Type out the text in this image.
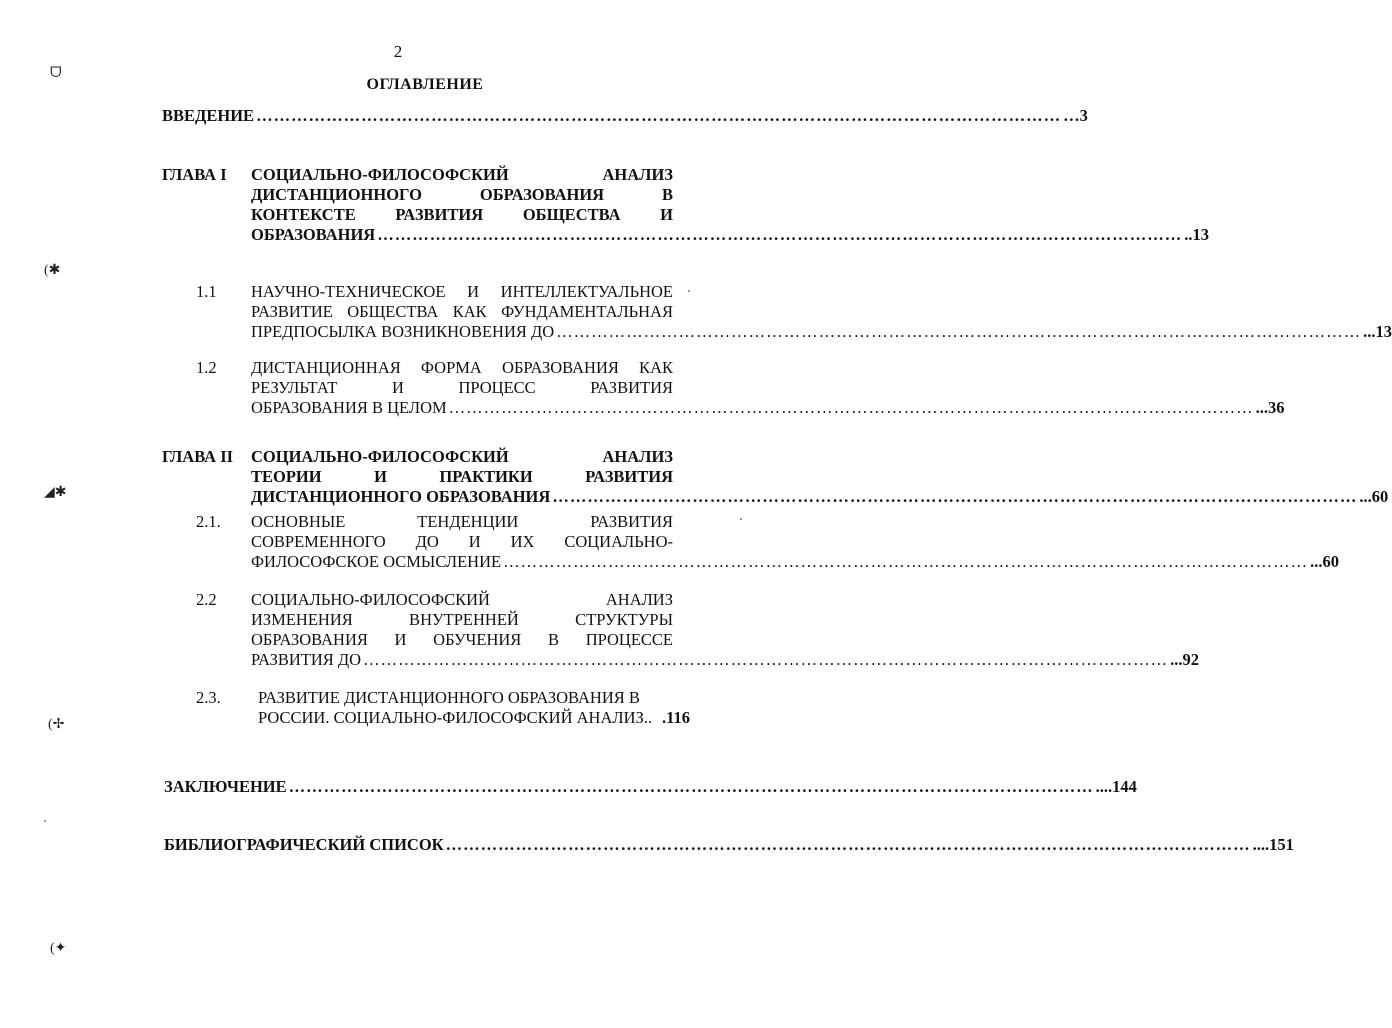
2
ОГЛАВЛЕНИЕ
ВВЕДЕНИЕ ………………………………………………………………………………………………………………………… …3
ГЛАВА I СОЦИАЛЬНО-ФИЛОСОФСКИЙ АНАЛИЗ
ДИСТАНЦИОННОГО ОБРАЗОВАНИЯ В
КОНТЕКСТЕ РАЗВИТИЯ ОБЩЕСТВА И
ОБРАЗОВАНИЯ ………………………………………………………………………………………………………………………… ..13
1.1 НАУЧНО-ТЕХНИЧЕСКОЕ И ИНТЕЛЛЕКТУАЛЬНОЕ
РАЗВИТИЕ ОБЩЕСТВА КАК ФУНДАМЕНТАЛЬНАЯ
ПРЕДПОСЫЛКА ВОЗНИКНОВЕНИЯ ДО ………………………………………………………………………………………………………………………… ...13
1.2 ДИСТАНЦИОННАЯ ФОРМА ОБРАЗОВАНИЯ КАК
РЕЗУЛЬТАТ И ПРОЦЕСС РАЗВИТИЯ
ОБРАЗОВАНИЯ В ЦЕЛОМ ………………………………………………………………………………………………………………………… ...36
ГЛАВА II СОЦИАЛЬНО-ФИЛОСОФСКИЙ АНАЛИЗ
ТЕОРИИ И ПРАКТИКИ РАЗВИТИЯ
ДИСТАНЦИОННОГО ОБРАЗОВАНИЯ ………………………………………………………………………………………………………………………… ...60
2.1. ОСНОВНЫЕ ТЕНДЕНЦИИ РАЗВИТИЯ
СОВРЕМЕННОГО ДО И ИХ СОЦИАЛЬНО-
ФИЛОСОФСКОЕ ОСМЫСЛЕНИЕ ………………………………………………………………………………………………………………………… ...60
2.2 СОЦИАЛЬНО-ФИЛОСОФСКИЙ АНАЛИЗ
ИЗМЕНЕНИЯ ВНУТРЕННЕЙ СТРУКТУРЫ
ОБРАЗОВАНИЯ И ОБУЧЕНИЯ В ПРОЦЕССЕ
РАЗВИТИЯ ДО ………………………………………………………………………………………………………………………… ...92
2.3. РАЗВИТИЕ ДИСТАНЦИОННОГО ОБРАЗОВАНИЯ В
РОССИИ. СОЦИАЛЬНО-ФИЛОСОФСКИЙ АНАЛИЗ.. .116
ЗАКЛЮЧЕНИЕ ………………………………………………………………………………………………………………………… ....144
БИБЛИОГРАФИЧЕСКИЙ СПИСОК ………………………………………………………………………………………………………………………… ....151
ᗜ
(✱
◢✱
(✢
(✦
